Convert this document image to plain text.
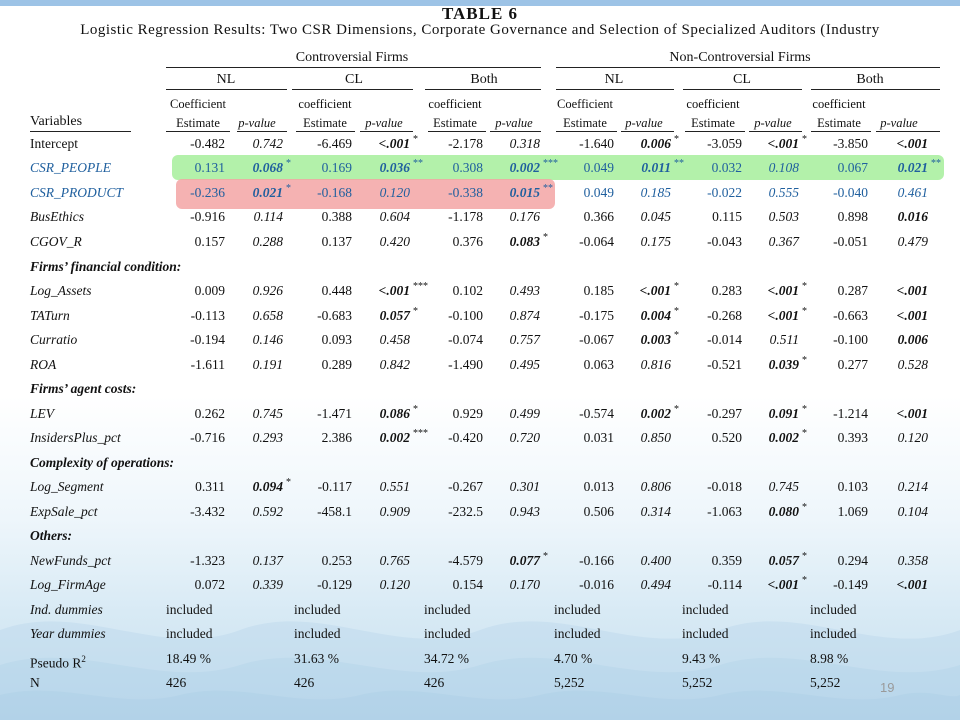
TABLE 6
Logistic Regression Results: Two CSR Dimensions, Corporate Governance and Selection of Specialized Auditors (Industry
Controversial Firms	Non-Controversial Firms
NL	CL	Both	NL	CL	Both
Variables
Coefficient
Estimate	p-value
coefficient
Estimate	p-value
coefficient
Estimate	p-value
Coefficient
Estimate	p-value
coefficient
Estimate	p-value
coefficient
Estimate	p-value
Intercept	-0.482	0.742	-6.469	<.001 *	-2.178	0.318	-1.640	0.006 *	-3.059	<.001 *	-3.850	<.001
CSR_PEOPLE	0.131	0.068 *	0.169	0.036 **	0.308	0.002 ***	0.049	0.011 **	0.032	0.108	0.067	0.021 **
CSR_PRODUCT	-0.236	0.021 *	-0.168	0.120	-0.338	0.015 **	0.049	0.185	-0.022	0.555	-0.040	0.461
BusEthics	-0.916	0.114	0.388	0.604	-1.178	0.176	0.366	0.045	0.115	0.503	0.898	0.016
CGOV_R	0.157	0.288	0.137	0.420	0.376	0.083 *	-0.064	0.175	-0.043	0.367	-0.051	0.479
Firms’ financial condition:
Log_Assets	0.009	0.926	0.448	<.001 ***	0.102	0.493	0.185	<.001 *	0.283	<.001 *	0.287	<.001
TATurn	-0.113	0.658	-0.683	0.057 *	-0.100	0.874	-0.175	0.004 *	-0.268	<.001 *	-0.663	<.001
Curratio	-0.194	0.146	0.093	0.458	-0.074	0.757	-0.067	0.003 *	-0.014	0.511	-0.100	0.006
ROA	-1.611	0.191	0.289	0.842	-1.490	0.495	0.063	0.816	-0.521	0.039 *	0.277	0.528
Firms’ agent costs:
LEV	0.262	0.745	-1.471	0.086 *	0.929	0.499	-0.574	0.002 *	-0.297	0.091 *	-1.214	<.001
InsidersPlus_pct	-0.716	0.293	2.386	0.002 ***	-0.420	0.720	0.031	0.850	0.520	0.002 *	0.393	0.120
Complexity of operations:
Log_Segment	0.311	0.094 *	-0.117	0.551	-0.267	0.301	0.013	0.806	-0.018	0.745	0.103	0.214
ExpSale_pct	-3.432	0.592	-458.1	0.909	-232.5	0.943	0.506	0.314	-1.063	0.080 *	1.069	0.104
Others:
NewFunds_pct	-1.323	0.137	0.253	0.765	-4.579	0.077 *	-0.166	0.400	0.359	0.057 *	0.294	0.358
Log_FirmAge	0.072	0.339	-0.129	0.120	0.154	0.170	-0.016	0.494	-0.114	<.001 *	-0.149	<.001
Ind. dummies	included	included	included	included	included	included
Year dummies	included	included	included	included	included	included
Pseudo $R^2$	18.49 %	31.63 %	34.72 %	4.70 %	9.43 %	8.98 %
N	426	426	426	5,252	5,252	5,252	19
